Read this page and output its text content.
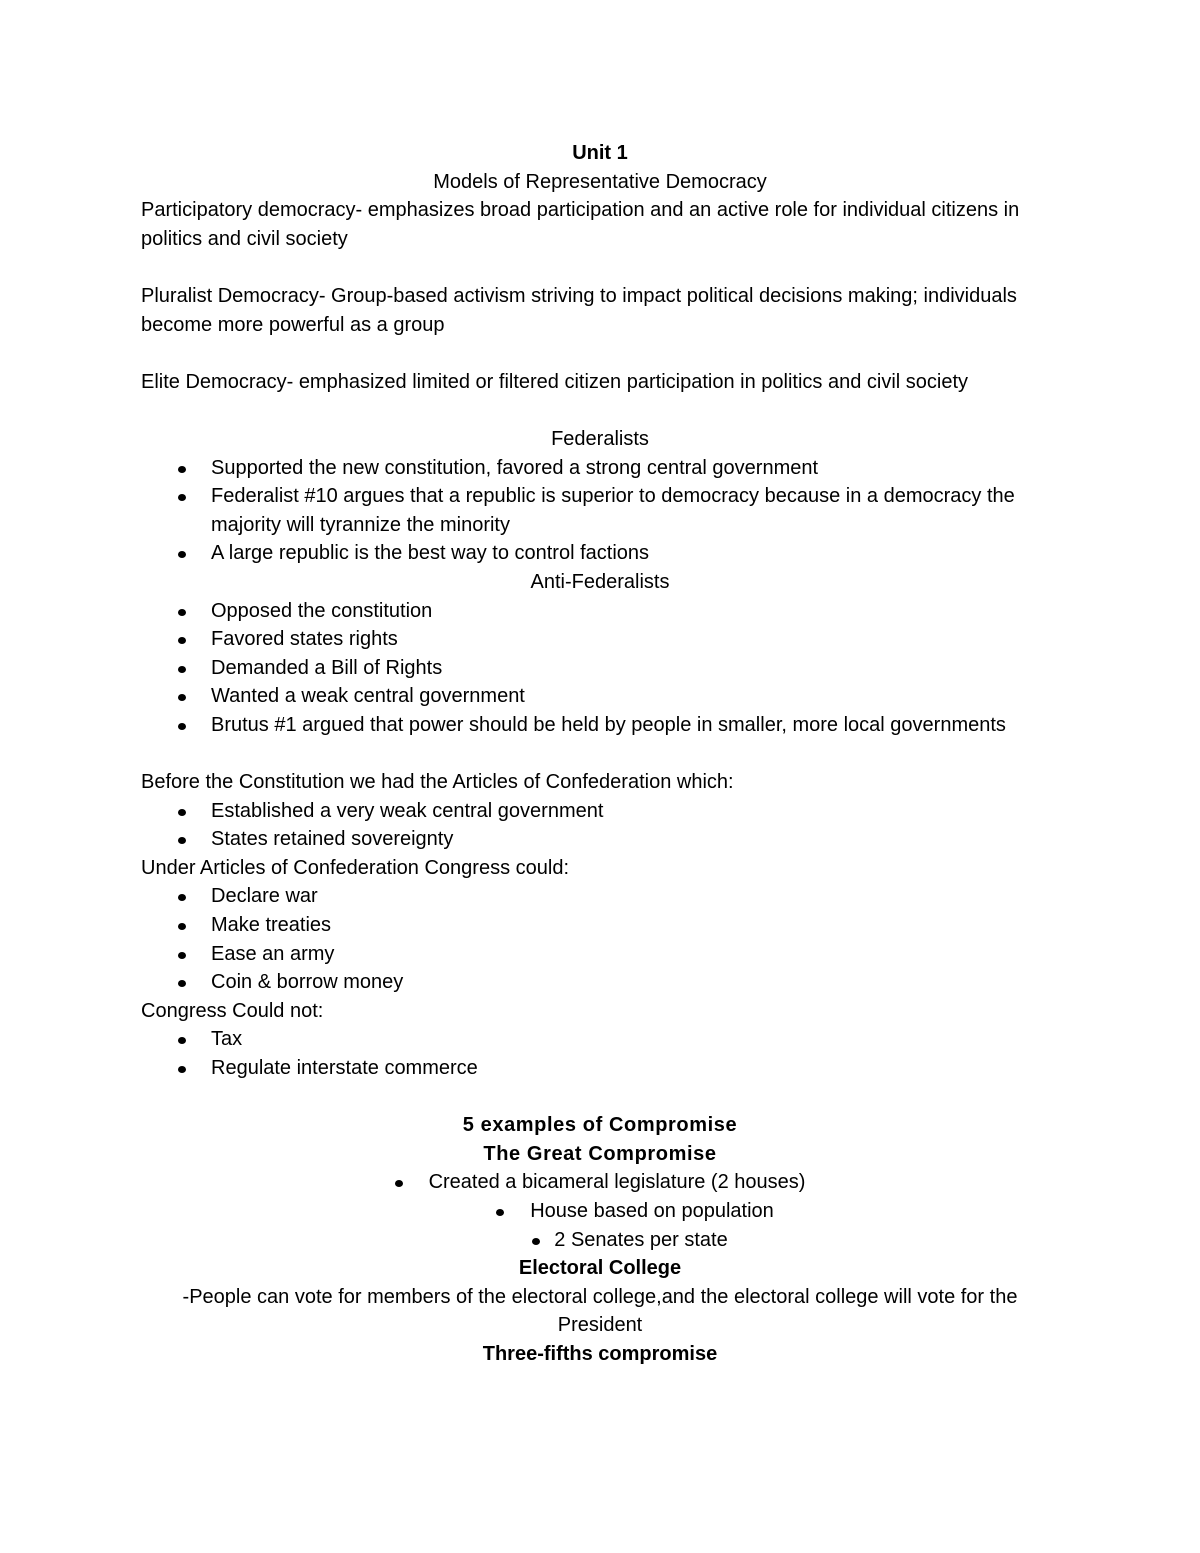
Unit 1
Models of Representative Democracy
Participatory democracy- emphasizes broad participation and an active role for individual citizens in politics and civil society
Pluralist Democracy- Group-based activism striving to impact political decisions making; individuals become more powerful as a group
Elite Democracy- emphasized limited or filtered citizen participation in politics and civil society
Federalists
Supported the new constitution, favored a strong central government
Federalist #10 argues that a republic is superior to democracy because in a democracy the majority will tyrannize the minority
A large republic is the best way to control factions
Anti-Federalists
Opposed the constitution
Favored states rights
Demanded a Bill of Rights
Wanted a weak central government
Brutus #1 argued that power should be held by people in smaller, more local governments
Before the Constitution we had the Articles of Confederation which:
Established a very weak central government
States retained sovereignty
Under Articles of Confederation Congress could:
Declare war
Make treaties
Ease an army
Coin & borrow money
Congress Could not:
Tax
Regulate interstate commerce
5 examples of Compromise
The Great Compromise
Created a bicameral legislature (2 houses)
House based on population
2 Senates per state
Electoral College
-People can vote for members of the electoral college,and the electoral college will vote for the
President
Three-fifths compromise
